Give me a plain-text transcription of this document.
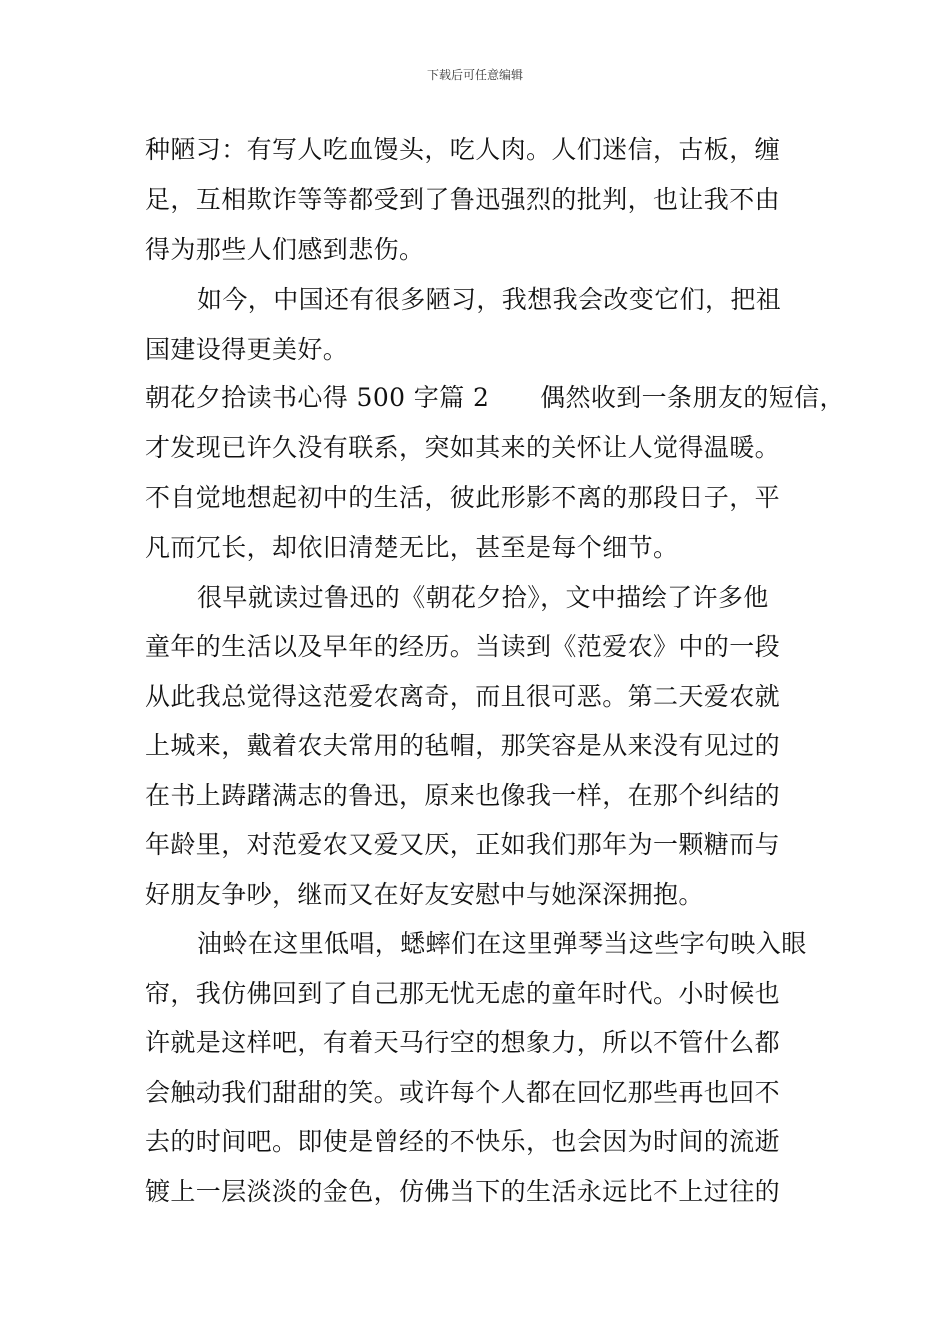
下载后可任意编辑
种陋习：有写人吃血馒头，吃人肉。人们迷信，古板，缠
足，互相欺诈等等都受到了鲁迅强烈的批判，也让我不由
得为那些人们感到悲伤。
如今，中国还有很多陋习，我想我会改变它们，把祖
国建设得更美好。
朝花夕拾读书心得 500 字篇 2　　偶然收到一条朋友的短信，
才发现已许久没有联系，突如其来的关怀让人觉得温暖。
不自觉地想起初中的生活，彼此形影不离的那段日子，平
凡而冗长，却依旧清楚无比，甚至是每个细节。
很早就读过鲁迅的《朝花夕拾》，文中描绘了许多他
童年的生活以及早年的经历。当读到《范爱农》中的一段
从此我总觉得这范爱农离奇，而且很可恶。第二天爱农就
上城来，戴着农夫常用的毡帽，那笑容是从来没有见过的
在书上踌躇满志的鲁迅，原来也像我一样，在那个纠结的
年龄里，对范爱农又爱又厌，正如我们那年为一颗糖而与
好朋友争吵，继而又在好友安慰中与她深深拥抱。
油蛉在这里低唱，蟋蟀们在这里弹琴当这些字句映入眼
帘，我仿佛回到了自己那无忧无虑的童年时代。小时候也
许就是这样吧，有着天马行空的想象力，所以不管什么都
会触动我们甜甜的笑。或许每个人都在回忆那些再也回不
去的时间吧。即使是曾经的不快乐，也会因为时间的流逝
镀上一层淡淡的金色，仿佛当下的生活永远比不上过往的
